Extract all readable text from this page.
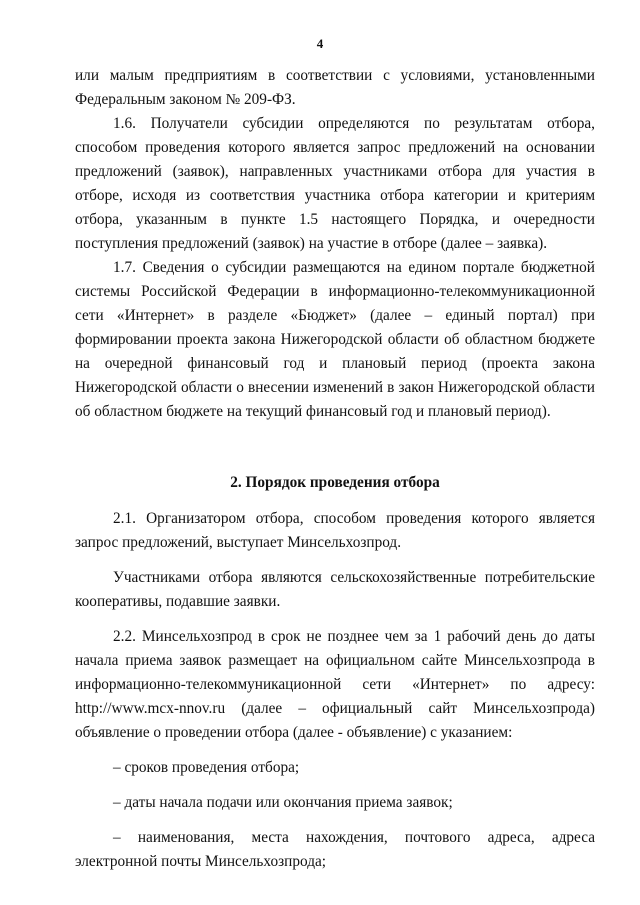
4

или малым предприятиям в соответствии с условиями, установленными Федеральным законом № 209-ФЗ.

1.6. Получатели субсидии определяются по результатам отбора, способом проведения которого является запрос предложений на основании предложений (заявок), направленных участниками отбора для участия в отборе, исходя из соответствия участника отбора категории и критериям отбора, указанным в пункте 1.5 настоящего Порядка, и очередности поступления предложений (заявок) на участие в отборе (далее – заявка).

1.7. Сведения о субсидии размещаются на едином портале бюджетной системы Российской Федерации в информационно-телекоммуникационной сети «Интернет» в разделе «Бюджет» (далее – единый портал) при формировании проекта закона Нижегородской области об областном бюджете на очередной финансовый год и плановый период (проекта закона Нижегородской области о внесении изменений в закон Нижегородской области об областном бюджете на текущий финансовый год и плановый период).

2. Порядок проведения отбора

2.1. Организатором отбора, способом проведения которого является запрос предложений, выступает Минсельхозпрод.

Участниками отбора являются сельскохозяйственные потребительские кооперативы, подавшие заявки.

2.2. Минсельхозпрод в срок не позднее чем за 1 рабочий день до даты начала приема заявок размещает на официальном сайте Минсельхозпрода в информационно-телекоммуникационной сети «Интернет» по адресу: http://www.mcx-nnov.ru (далее – официальный сайт Минсельхозпрода) объявление о проведении отбора (далее - объявление) с указанием:

– сроков проведения отбора;

– даты начала подачи или окончания приема заявок;

– наименования, места нахождения, почтового адреса, адреса электронной почты Минсельхозпрода;
